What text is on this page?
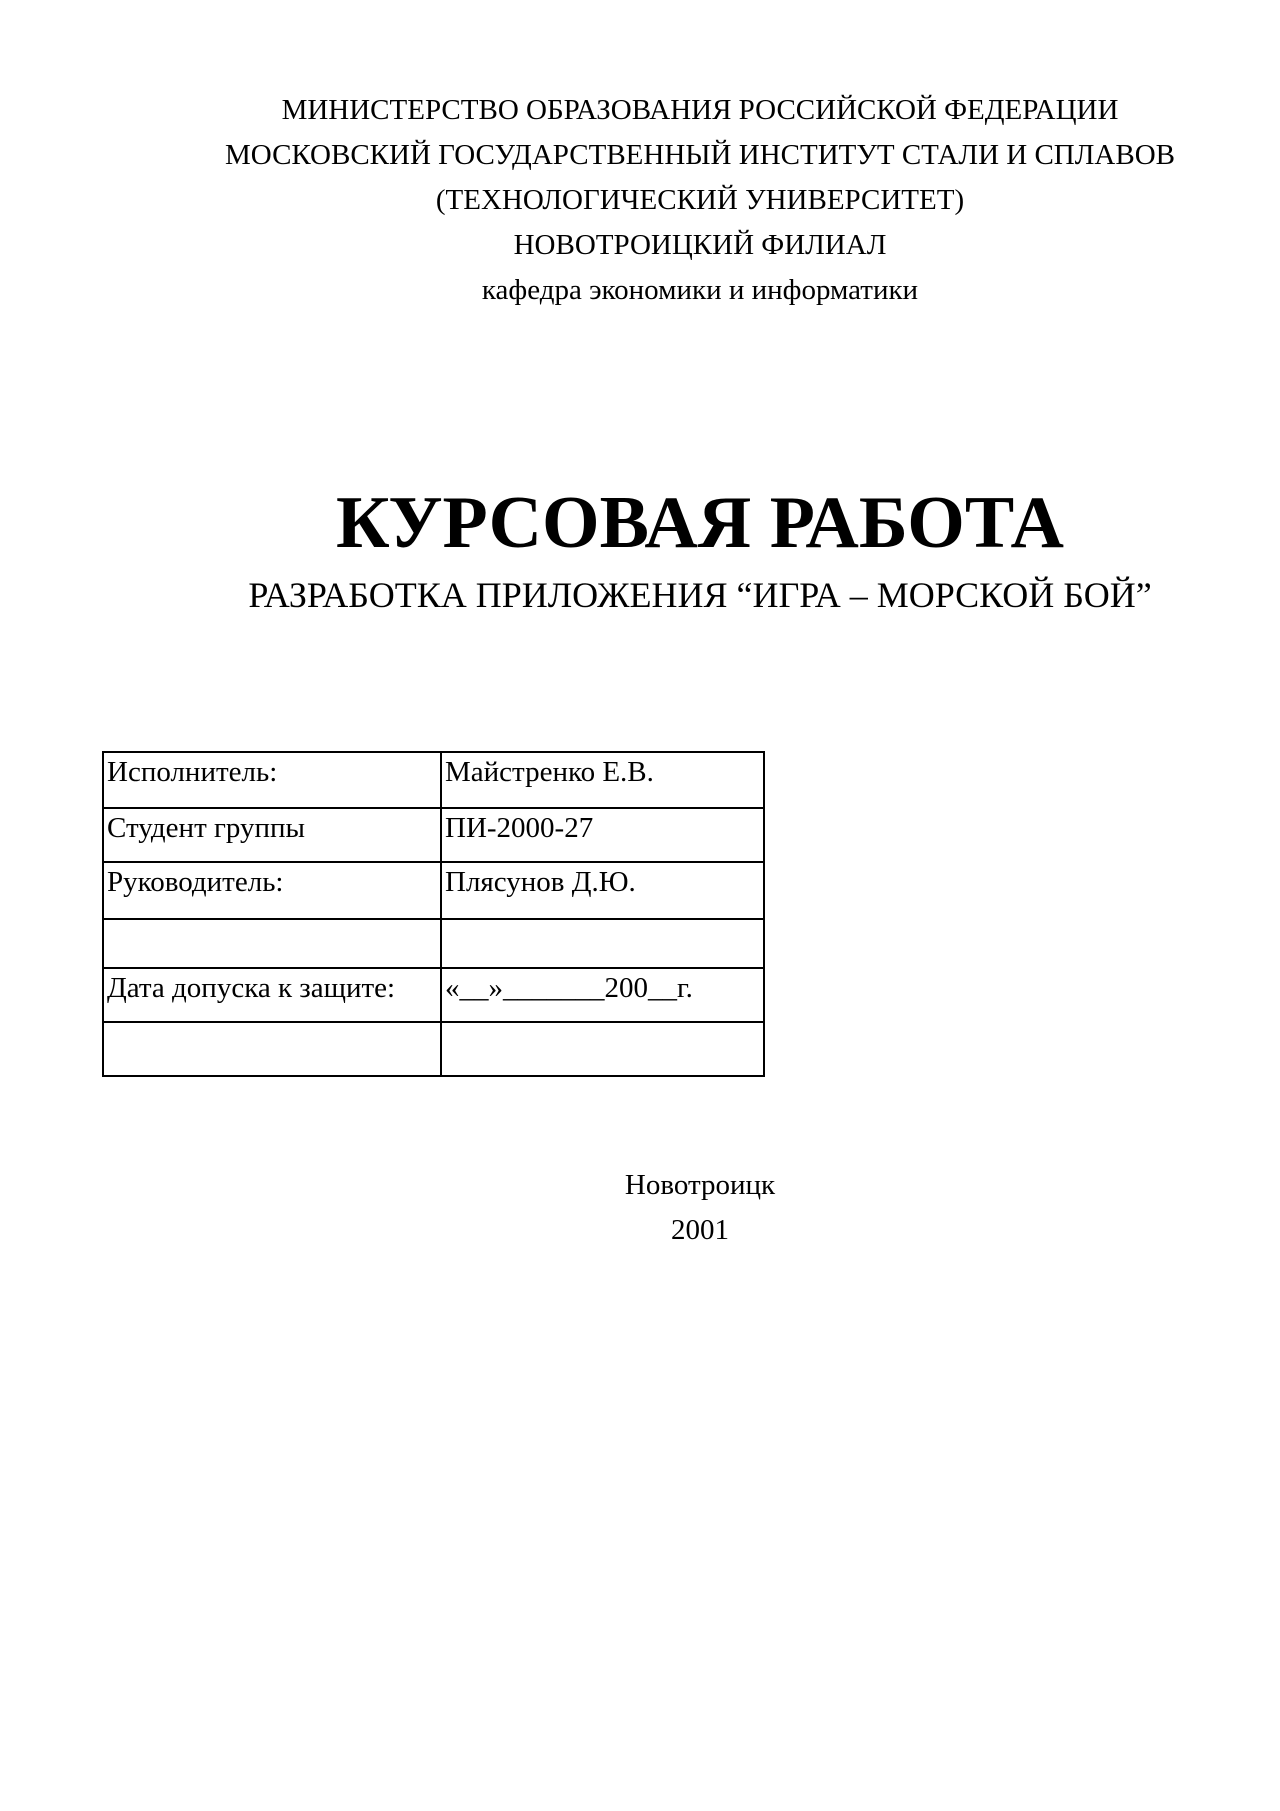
МИНИСТЕРСТВО ОБРАЗОВАНИЯ РОССИЙСКОЙ ФЕДЕРАЦИИ
МОСКОВСКИЙ ГОСУДАРСТВЕННЫЙ ИНСТИТУТ СТАЛИ И СПЛАВОВ
(ТЕХНОЛОГИЧЕСКИЙ УНИВЕРСИТЕТ)
НОВОТРОИЦКИЙ ФИЛИАЛ
кафедра экономики и информатики
КУРСОВАЯ РАБОТА
РАЗРАБОТКА ПРИЛОЖЕНИЯ “ИГРА – МОРСКОЙ БОЙ”
Исполнитель:	Майстренко Е.В.
Студент группы	ПИ-2000-27
Руководитель:	Плясунов Д.Ю.

Дата допуска к защите:	«__»_______200__г.

Новотроицк
2001
